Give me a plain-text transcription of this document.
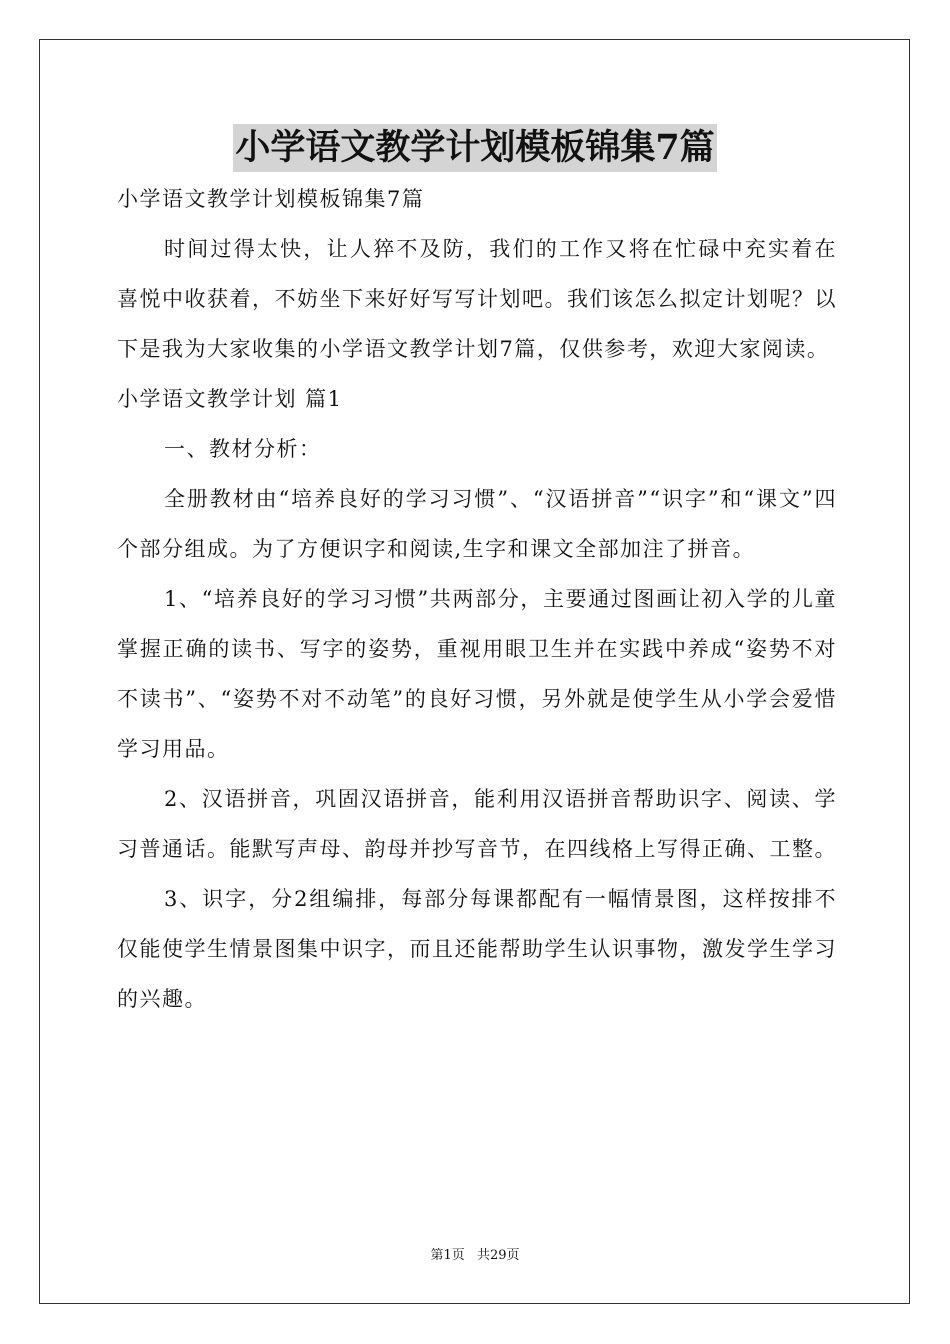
小学语文教学计划模板锦集7篇

小学语文教学计划模板锦集7篇

时间过得太快，让人猝不及防，我们的工作又将在忙碌中充实着在喜悦中收获着，不妨坐下来好好写写计划吧。我们该怎么拟定计划呢？以下是我为大家收集的小学语文教学计划7篇，仅供参考，欢迎大家阅读。

小学语文教学计划 篇1

一、教材分析：

全册教材由“培养良好的学习习惯”、“汉语拼音”“识字”和“课文”四个部分组成。为了方便识字和阅读,生字和课文全部加注了拼音。

1、“培养良好的学习习惯”共两部分，主要通过图画让初入学的儿童掌握正确的读书、写字的姿势，重视用眼卫生并在实践中养成“姿势不对不读书”、“姿势不对不动笔”的良好习惯，另外就是使学生从小学会爱惜学习用品。

2、汉语拼音，巩固汉语拼音，能利用汉语拼音帮助识字、阅读、学习普通话。能默写声母、韵母并抄写音节，在四线格上写得正确、工整。

3、识字，分2组编排，每部分每课都配有一幅情景图，这样按排不仅能使学生情景图集中识字，而且还能帮助学生认识事物，激发学生学习的兴趣。

第1页 共29页
